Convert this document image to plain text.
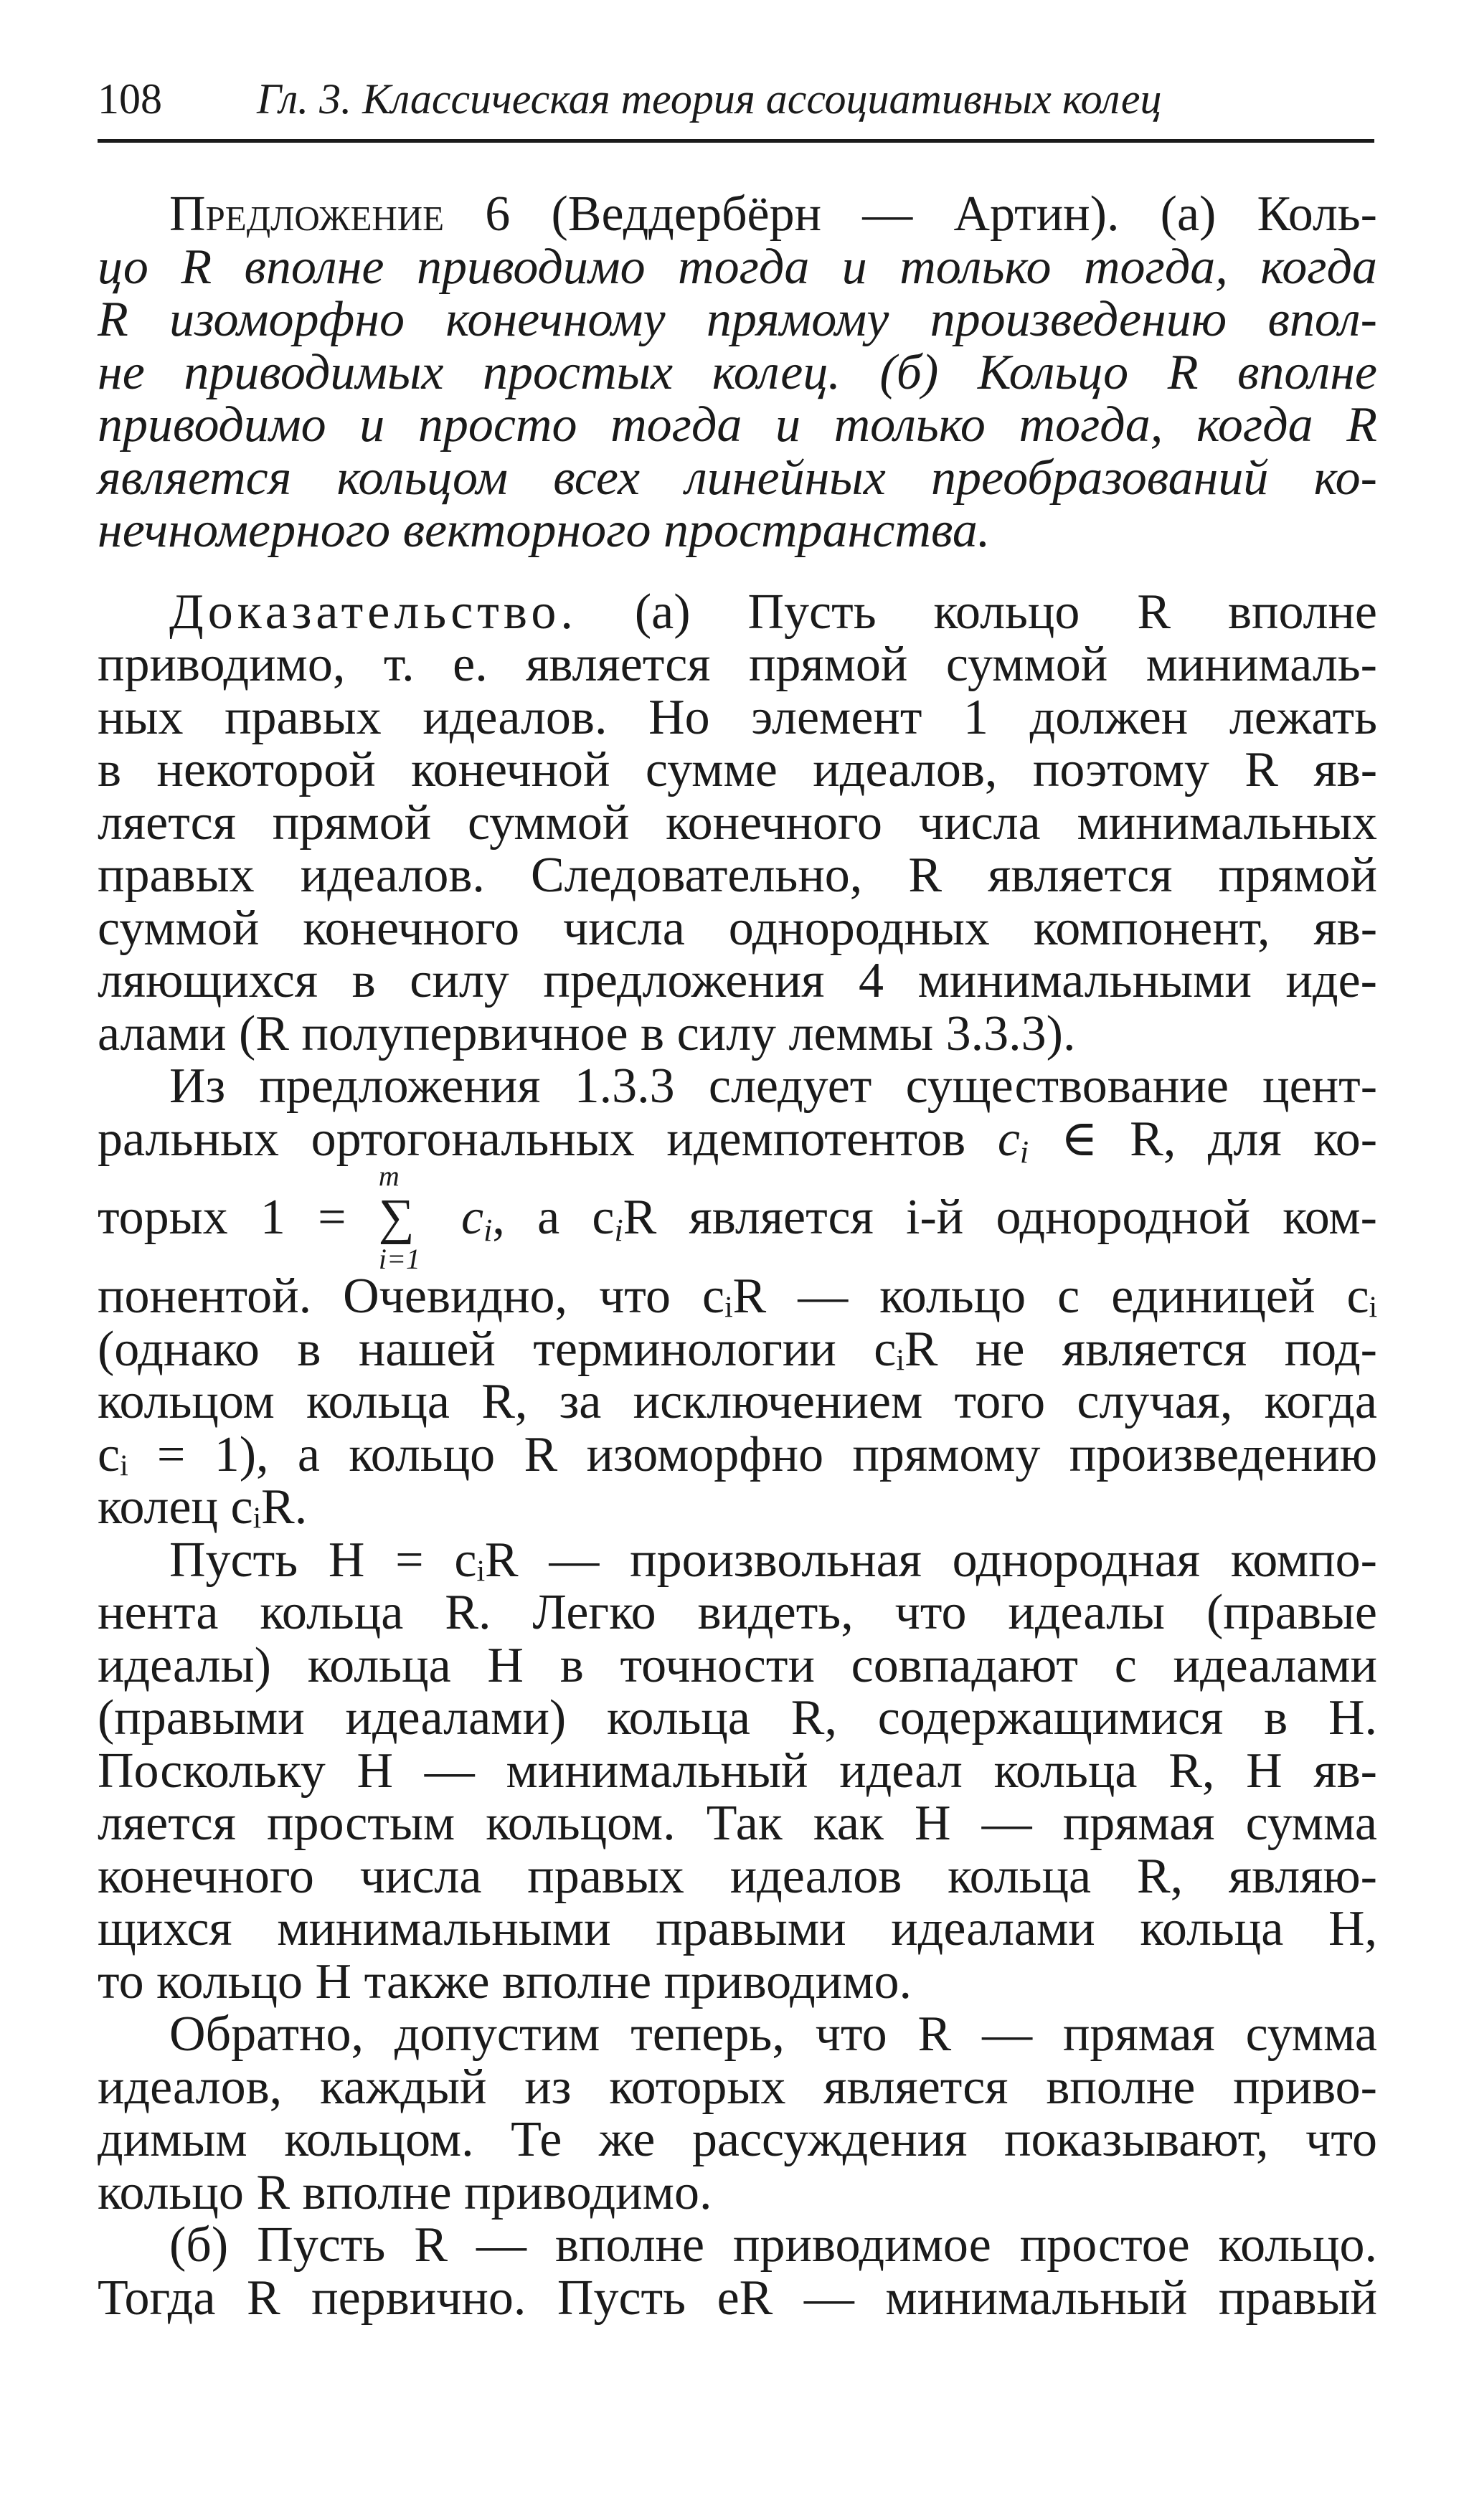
108 Гл. 3. Классическая теория ассоциативных колец
Предложение 6 (Веддербёрн — Артин). (а) Коль-
цо R вполне приводимо тогда и только тогда, когда
R изоморфно конечному прямому произведению впол-
не приводимых простых колец. (б) Кольцо R вполне
приводимо и просто тогда и только тогда, когда R
является кольцом всех линейных преобразований ко-
нечномерного векторного пространства.
Доказательство. (а) Пусть кольцо R вполне
приводимо, т. е. является прямой суммой минималь-
ных правых идеалов. Но элемент 1 должен лежать
в некоторой конечной сумме идеалов, поэтому R яв-
ляется прямой суммой конечного числа минимальных
правых идеалов. Следовательно, R является прямой
суммой конечного числа однородных компонент, яв-
ляющихся в силу предложения 4 минимальными иде-
алами (R полупервичное в силу леммы 3.3.3).
Из предложения 1.3.3 следует существование цент-
ральных ортогональных идемпотентов $c_i$ ∈ R, для ко-
торых 1 =
m
∑
i=1
$c_i$, а $c_iR$ является i-й однородной ком-
понентой. Очевидно, что cᵢR — кольцо с единицей cᵢ
(однако в нашей терминологии cᵢR не является под-
кольцом кольца R, за исключением того случая, когда
cᵢ = 1), а кольцо R изоморфно прямому произведению
колец cᵢR.
Пусть H = cᵢR — произвольная однородная компо-
нента кольца R. Легко видеть, что идеалы (правые
идеалы) кольца H в точности совпадают с идеалами
(правыми идеалами) кольца R, содержащимися в H.
Поскольку H — минимальный идеал кольца R, H яв-
ляется простым кольцом. Так как H — прямая сумма
конечного числа правых идеалов кольца R, являю-
щихся минимальными правыми идеалами кольца H,
то кольцо H также вполне приводимо.
Обратно, допустим теперь, что R — прямая сумма
идеалов, каждый из которых является вполне приво-
димым кольцом. Те же рассуждения показывают, что
кольцо R вполне приводимо.
(б) Пусть R — вполне приводимое простое кольцо.
Тогда R первично. Пусть eR — минимальный правый
